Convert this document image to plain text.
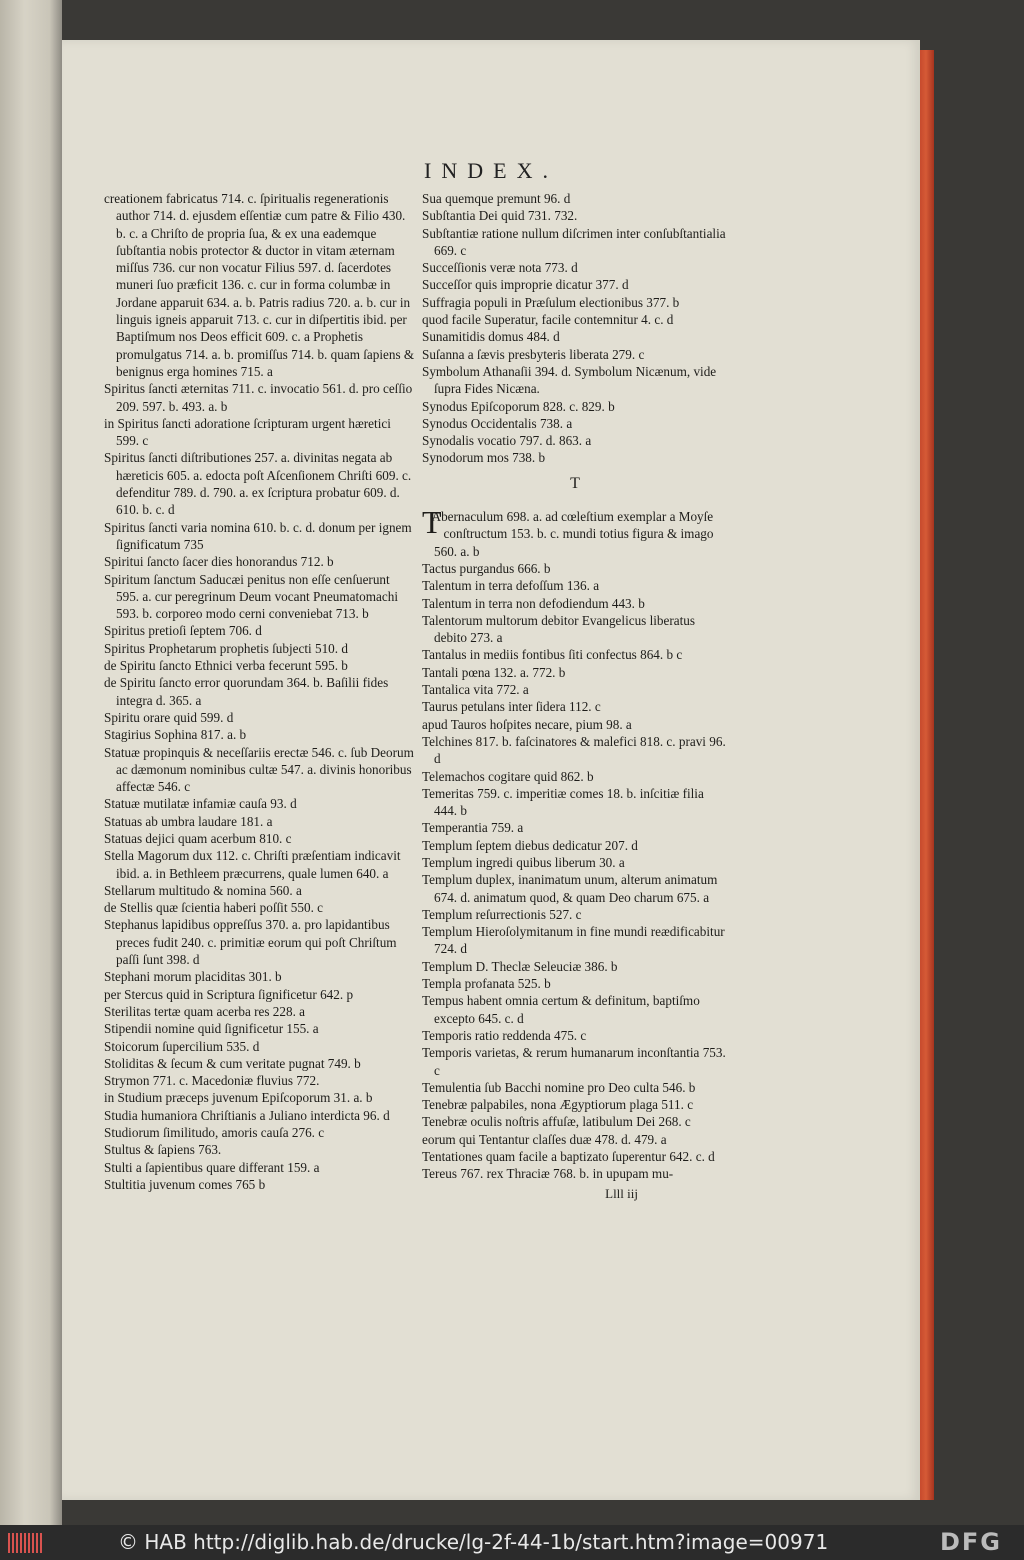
INDEX.

creationem fabricatus 714. c. ſpiritualis regenerationis author 714. d. ejusdem eſſentiæ cum patre & Filio 430. b. c. a Chriſto de propria ſua, & ex una eademque ſubſtantia nobis protector & ductor in vitam æternam miſſus 736. cur non vocatur Filius 597. d. ſacerdotes muneri ſuo præficit 136. c. cur in forma columbæ in Jordane apparuit 634. a. b. Patris radius 720. a. b. cur in linguis igneis apparuit 713. c. cur in diſpertitis ibid. per Baptiſmum nos Deos efficit 609. c. a Prophetis promulgatus 714. a. b. promiſſus 714. b. quam ſapiens & benignus erga homines 715. a

Spiritus ſancti æternitas 711. c. invocatio 561. d. pro ceſſio 209. 597. b. 493. a. b

in Spiritus ſancti adoratione ſcripturam urgent hæretici 599. c

Spiritus ſancti diſtributiones 257. a. divinitas negata ab hæreticis 605. a. edocta poſt Aſcenſionem Chriſti 609. c. defenditur 789. d. 790. a. ex ſcriptura probatur 609. d. 610. b. c. d

Spiritus ſancti varia nomina 610. b. c. d. donum per ignem ſignificatum 735

Spiritui ſancto ſacer dies honorandus 712. b

Spiritum ſanctum Saducæi penitus non eſſe cenſuerunt 595. a. cur peregrinum Deum vocant Pneumatomachi 593. b. corporeo modo cerni conveniebat 713. b

Spiritus pretioſi ſeptem 706. d

Spiritus Prophetarum prophetis ſubjecti 510. d

de Spiritu ſancto Ethnici verba fecerunt 595. b

de Spiritu ſancto error quorundam 364. b. Baſilii fides integra d. 365. a

Spiritu orare quid 599. d

Stagirius Sophina 817. a. b

Statuæ propinquis & neceſſariis erectæ 546. c. ſub Deorum ac dæmonum nominibus cultæ 547. a. divinis honoribus affectæ 546. c

Statuæ mutilatæ infamiæ cauſa 93. d

Statuas ab umbra laudare 181. a

Statuas dejici quam acerbum 810. c

Stella Magorum dux 112. c. Chriſti præſentiam indicavit ibid. a. in Bethleem præcurrens, quale lumen 640. a

Stellarum multitudo & nomina 560. a

de Stellis quæ ſcientia haberi poſſit 550. c

Stephanus lapidibus oppreſſus 370. a. pro lapidantibus preces fudit 240. c. primitiæ eorum qui poſt Chriſtum paſſi ſunt 398. d

Stephani morum placiditas 301. b

per Stercus quid in Scriptura ſignificetur 642. p

Sterilitas tertæ quam acerba res 228. a

Stipendii nomine quid ſignificetur 155. a

Stoicorum ſupercilium 535. d

Stoliditas & ſecum & cum veritate pugnat 749. b

Strymon 771. c. Macedoniæ fluvius 772.

in Studium præceps juvenum Epiſcoporum 31. a. b

Studia humaniora Chriſtianis a Juliano interdicta 96. d

Studiorum ſimilitudo, amoris cauſa 276. c

Stultus & ſapiens 763.

Stulti a ſapientibus quare differant 159. a

Stultitia juvenum comes 765 b

Sua quemque premunt 96. d

Subſtantia Dei quid 731. 732.

Subſtantiæ ratione nullum diſcrimen inter conſubſtantialia 669. c

Succeſſionis veræ nota 773. d

Succeſſor quis improprie dicatur 377. d

Suffragia populi in Præſulum electionibus 377. b

quod facile Superatur, facile contemnitur 4. c. d

Sunamitidis domus 484. d

Suſanna a ſævis presbyteris liberata 279. c

Symbolum Athanaſii 394. d. Symbolum Nicænum, vide ſupra Fides Nicæna.

Synodus Epiſcoporum 828. c. 829. b

Synodus Occidentalis 738. a

Synodalis vocatio 797. d. 863. a

Synodorum mos 738. b

T

TAbernaculum 698. a. ad cœleſtium exemplar a Moyſe conſtructum 153. b. c. mundi totius figura & imago 560. a. b

Tactus purgandus 666. b

Talentum in terra defoſſum 136. a

Talentum in terra non defodiendum 443. b

Talentorum multorum debitor Evangelicus liberatus debito 273. a

Tantalus in mediis fontibus ſiti confectus 864. b c

Tantali pœna 132. a. 772. b

Tantalica vita 772. a

Taurus petulans inter ſidera 112. c

apud Tauros hoſpites necare, pium 98. a

Telchines 817. b. faſcinatores & malefici 818. c. pravi 96. d

Telemachos cogitare quid 862. b

Temeritas 759. c. imperitiæ comes 18. b. inſcitiæ filia 444. b

Temperantia 759. a

Templum ſeptem diebus dedicatur 207. d

Templum ingredi quibus liberum 30. a

Templum duplex, inanimatum unum, alterum animatum 674. d. animatum quod, & quam Deo charum 675. a

Templum reſurrectionis 527. c

Templum Hieroſolymitanum in fine mundi reædificabitur 724. d

Templum D. Theclæ Seleuciæ 386. b

Templa profanata 525. b

Tempus habent omnia certum & definitum, baptiſmo excepto 645. c. d

Temporis ratio reddenda 475. c

Temporis varietas, & rerum humanarum inconſtantia 753. c

Temulentia ſub Bacchi nomine pro Deo culta 546. b

Tenebræ palpabiles, nona Ægyptiorum plaga 511. c

Tenebræ oculis noſtris affuſæ, latibulum Dei 268. c

eorum qui Tentantur claſſes duæ 478. d. 479. a

Tentationes quam facile a baptizato ſuperentur 642. c. d

Tereus 767. rex Thraciæ 768. b. in upupam mu-

Llll iij
© HAB http://diglib.hab.de/drucke/lg-2f-44-1b/start.htm?image=00971	DFG
